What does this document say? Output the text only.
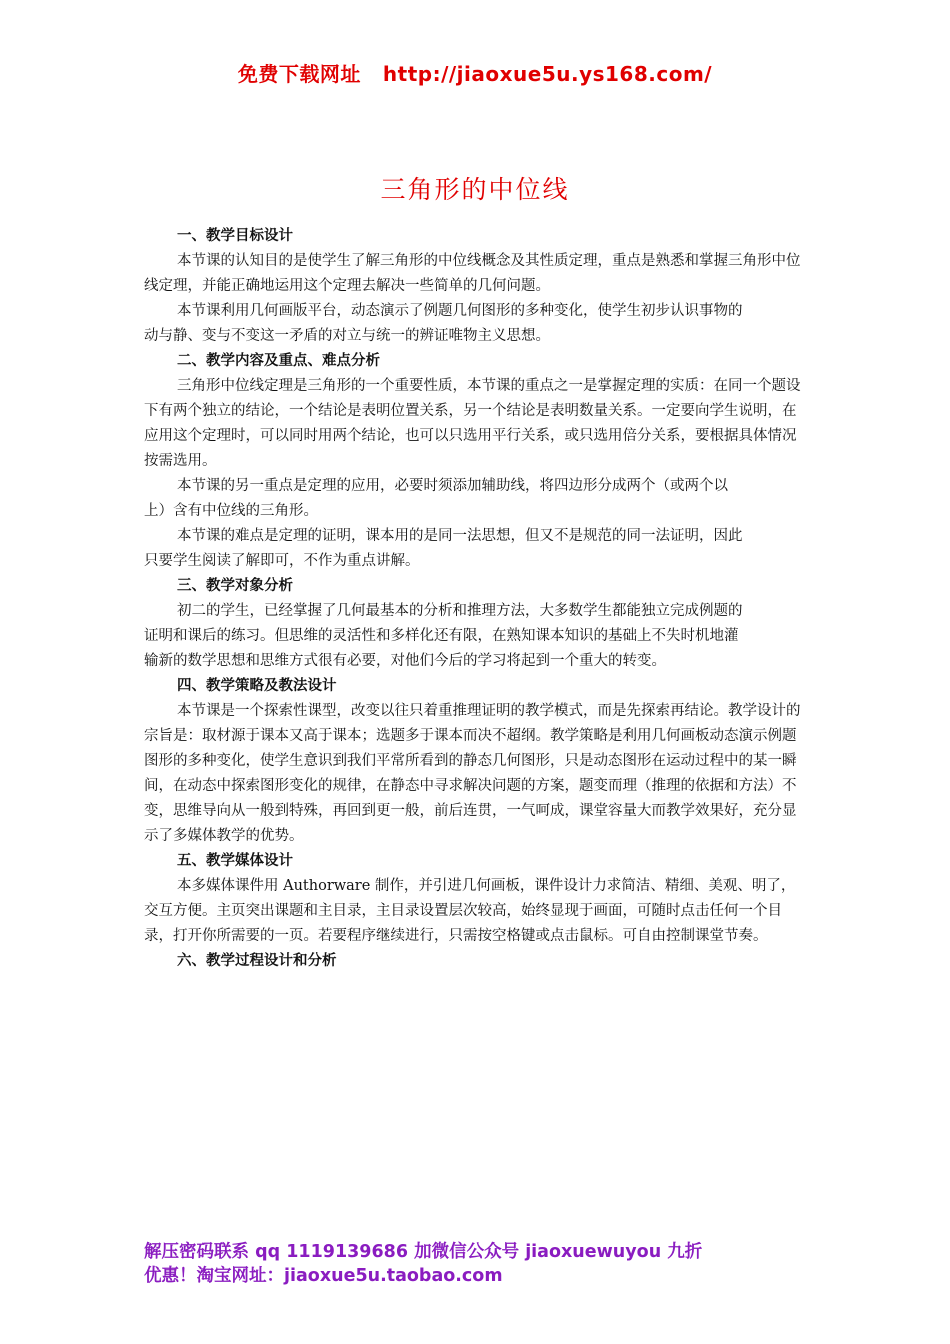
免费下载网址 http://jiaoxue5u.ys168.com/
三角形的中位线

一、教学目标设计

本节课的认知目的是使学生了解三角形的中位线概念及其性质定理，重点是熟悉和掌握三角形中位线定理，并能正确地运用这个定理去解决一些简单的几何问题。

本节课利用几何画版平台，动态演示了例题几何图形的多种变化，使学生初步认识事物的动与静、变与不变这一矛盾的对立与统一的辨证唯物主义思想。

二、教学内容及重点、难点分析

三角形中位线定理是三角形的一个重要性质，本节课的重点之一是掌握定理的实质：在同一个题设下有两个独立的结论，一个结论是表明位置关系，另一个结论是表明数量关系。一定要向学生说明，在应用这个定理时，可以同时用两个结论，也可以只选用平行关系，或只选用倍分关系，要根据具体情况按需选用。

本节课的另一重点是定理的应用，必要时须添加辅助线，将四边形分成两个（或两个以上）含有中位线的三角形。

本节课的难点是定理的证明，课本用的是同一法思想，但又不是规范的同一法证明，因此只要学生阅读了解即可，不作为重点讲解。

三、教学对象分析

初二的学生，已经掌握了几何最基本的分析和推理方法，大多数学生都能独立完成例题的证明和课后的练习。但思维的灵活性和多样化还有限，在熟知课本知识的基础上不失时机地灌输新的数学思想和思维方式很有必要，对他们今后的学习将起到一个重大的转变。

四、教学策略及教法设计

本节课是一个探索性课型，改变以往只着重推理证明的教学模式，而是先探索再结论。教学设计的宗旨是：取材源于课本又高于课本；选题多于课本而决不超纲。教学策略是利用几何画板动态演示例题图形的多种变化，使学生意识到我们平常所看到的静态几何图形，只是动态图形在运动过程中的某一瞬间，在动态中探索图形变化的规律，在静态中寻求解决问题的方案，题变而理（推理的依据和方法）不变，思维导向从一般到特殊，再回到更一般，前后连贯，一气呵成，课堂容量大而教学效果好，充分显示了多媒体教学的优势。

五、教学媒体设计

本多媒体课件用 Authorware 制作，并引进几何画板，课件设计力求简洁、精细、美观、明了，交互方便。主页突出课题和主目录，主目录设置层次较高，始终显现于画面，可随时点击任何一个目录，打开你所需要的一页。若要程序继续进行，只需按空格键或点击鼠标。可自由控制课堂节奏。

六、教学过程设计和分析

解压密码联系 qq 1119139686 加微信公众号 jiaoxuewuyou 九折
优惠！淘宝网址：jiaoxue5u.taobao.com
